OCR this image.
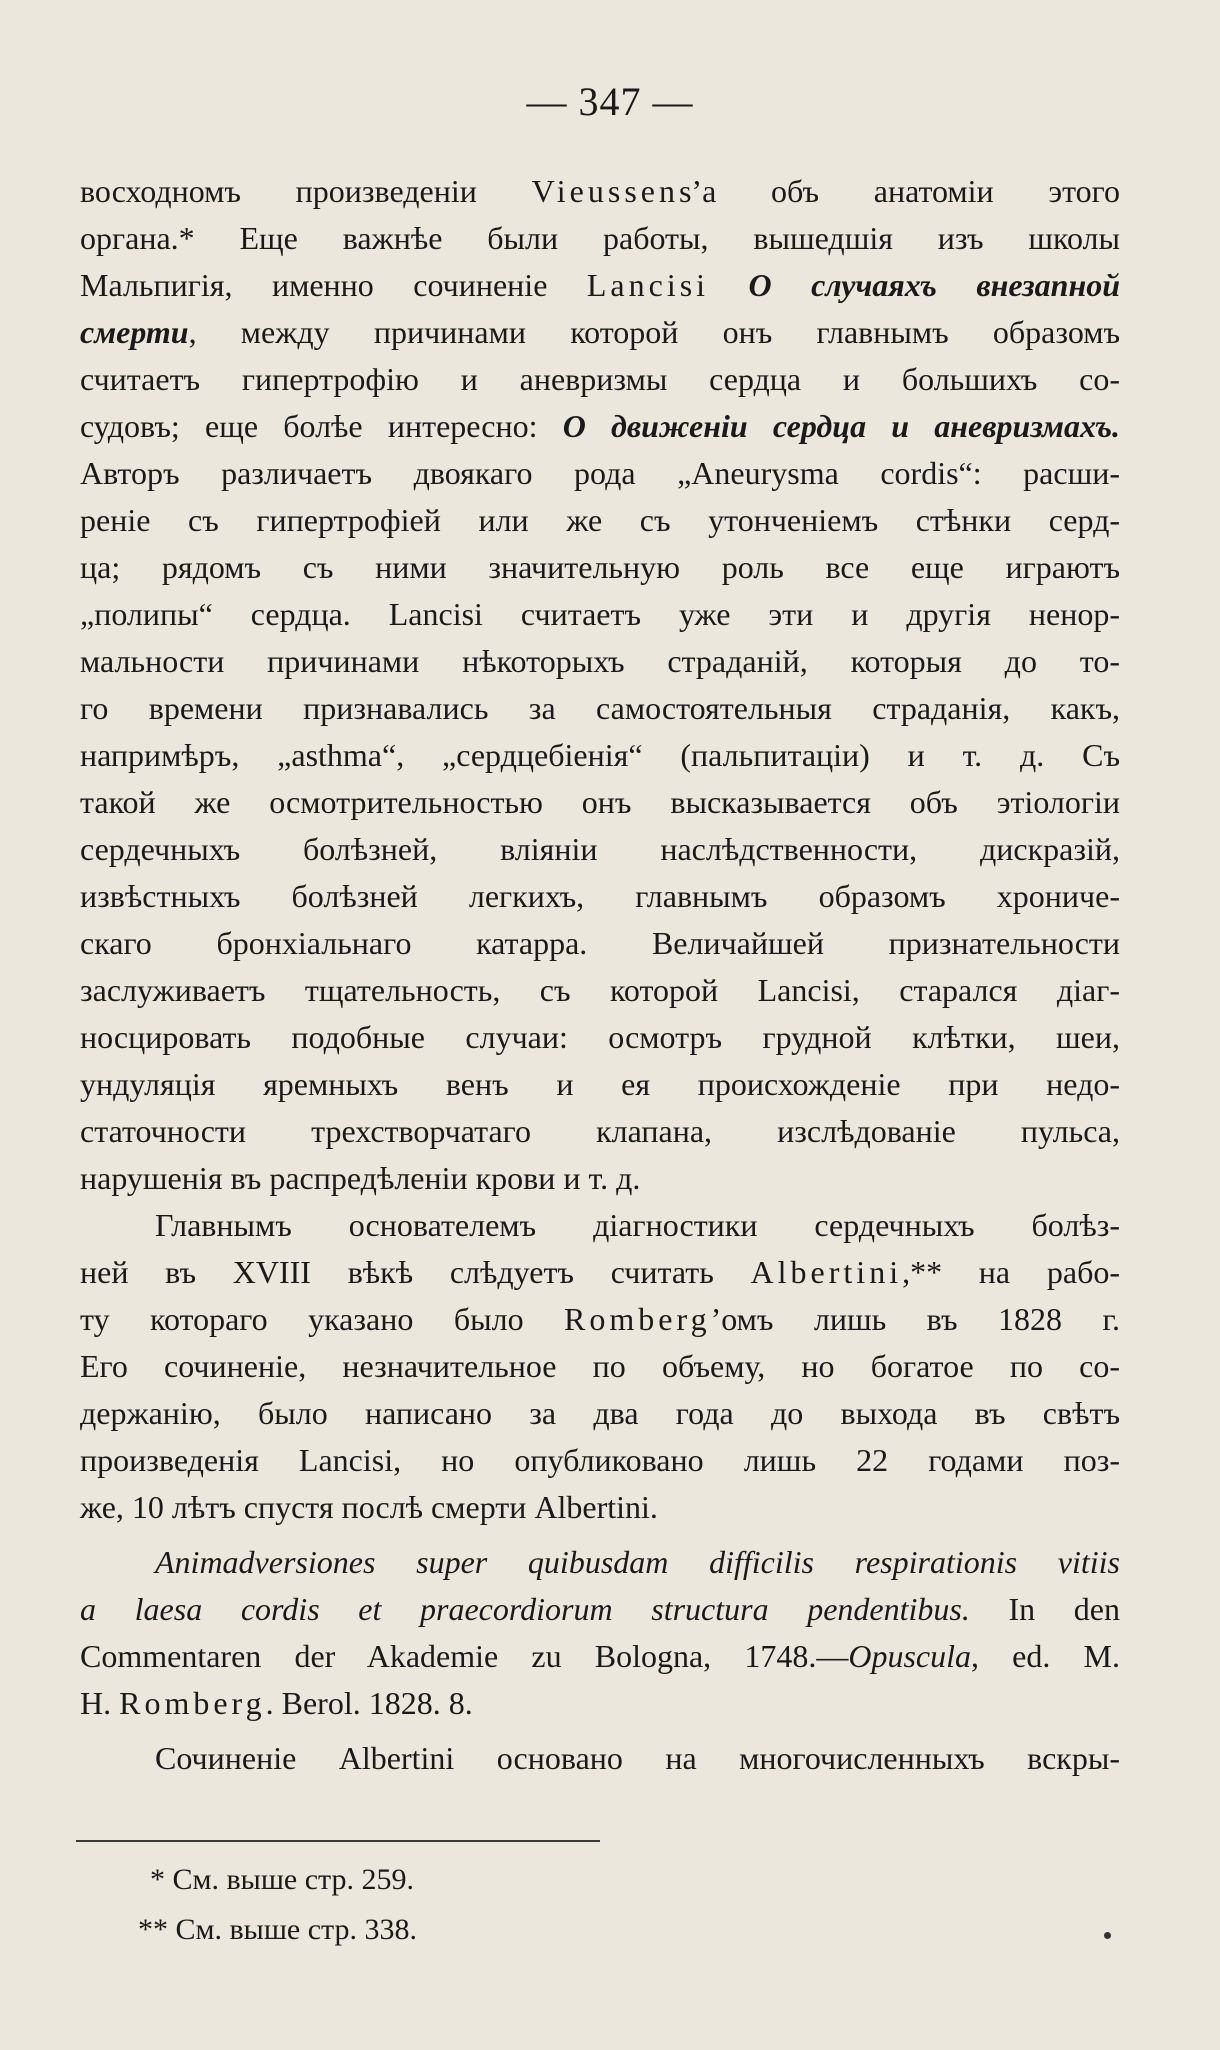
— 347 —
восходномъ произведеніи Vieussens’a объ анатоміи этого
органа.* Еще важнѣе были работы, вышедшія изъ школы
Мальпигія, именно сочиненіе Lancisi О случаяхъ внезапной
смерти, между причинами которой онъ главнымъ образомъ
считаетъ гипертрофію и аневризмы сердца и большихъ со-
судовъ; еще болѣе интересно: О движеніи сердца и аневризмахъ.
Авторъ различаетъ двоякаго рода „Aneurysma cordis“: расши-
реніе съ гипертрофіей или же съ утонченіемъ стѣнки серд-
ца; рядомъ съ ними значительную роль все еще играютъ
„полипы“ сердца. Lancisi считаетъ уже эти и другія ненор-
мальности причинами нѣкоторыхъ страданій, которыя до то-
го времени признавались за самостоятельныя страданія, какъ,
напримѣръ, „asthma“, „сердцебіенія“ (пальпитаціи) и т. д. Съ
такой же осмотрительностью онъ высказывается объ этіологіи
сердечныхъ болѣзней, вліяніи наслѣдственности, дискразій,
извѣстныхъ болѣзней легкихъ, главнымъ образомъ хрониче-
скаго бронхіальнаго катарра. Величайшей признательности
заслуживаетъ тщательность, съ которой Lancisi, старался діаг-
носцировать подобные случаи: осмотръ грудной клѣтки, шеи,
ундуляція яремныхъ венъ и ея происхожденіе при недо-
статочности трехстворчатаго клапана, изслѣдованіе пульса,
нарушенія въ распредѣленіи крови и т. д.
Главнымъ основателемъ діагностики сердечныхъ болѣз-
ней въ XVIII вѣкѣ слѣдуетъ считать Albertini,** на рабо-
ту котораго указано было Romberg’омъ лишь въ 1828 г.
Его сочиненіе, незначительное по объему, но богатое по со-
держанію, было написано за два года до выхода въ свѣтъ
произведенія Lancisi, но опубликовано лишь 22 годами поз-
же, 10 лѣтъ спустя послѣ смерти Albertini.
Animadversiones super quibusdam difficilis respirationis vitiis
a laesa cordis et praecordiorum structura pendentibus. In den
Commentaren der Akademie zu Bologna, 1748.—Opuscula, ed. M.
H. Romberg. Berol. 1828. 8.
Сочиненіе Albertini основано на многочисленныхъ вскры-
* См. выше стр. 259.
** См. выше стр. 338.
